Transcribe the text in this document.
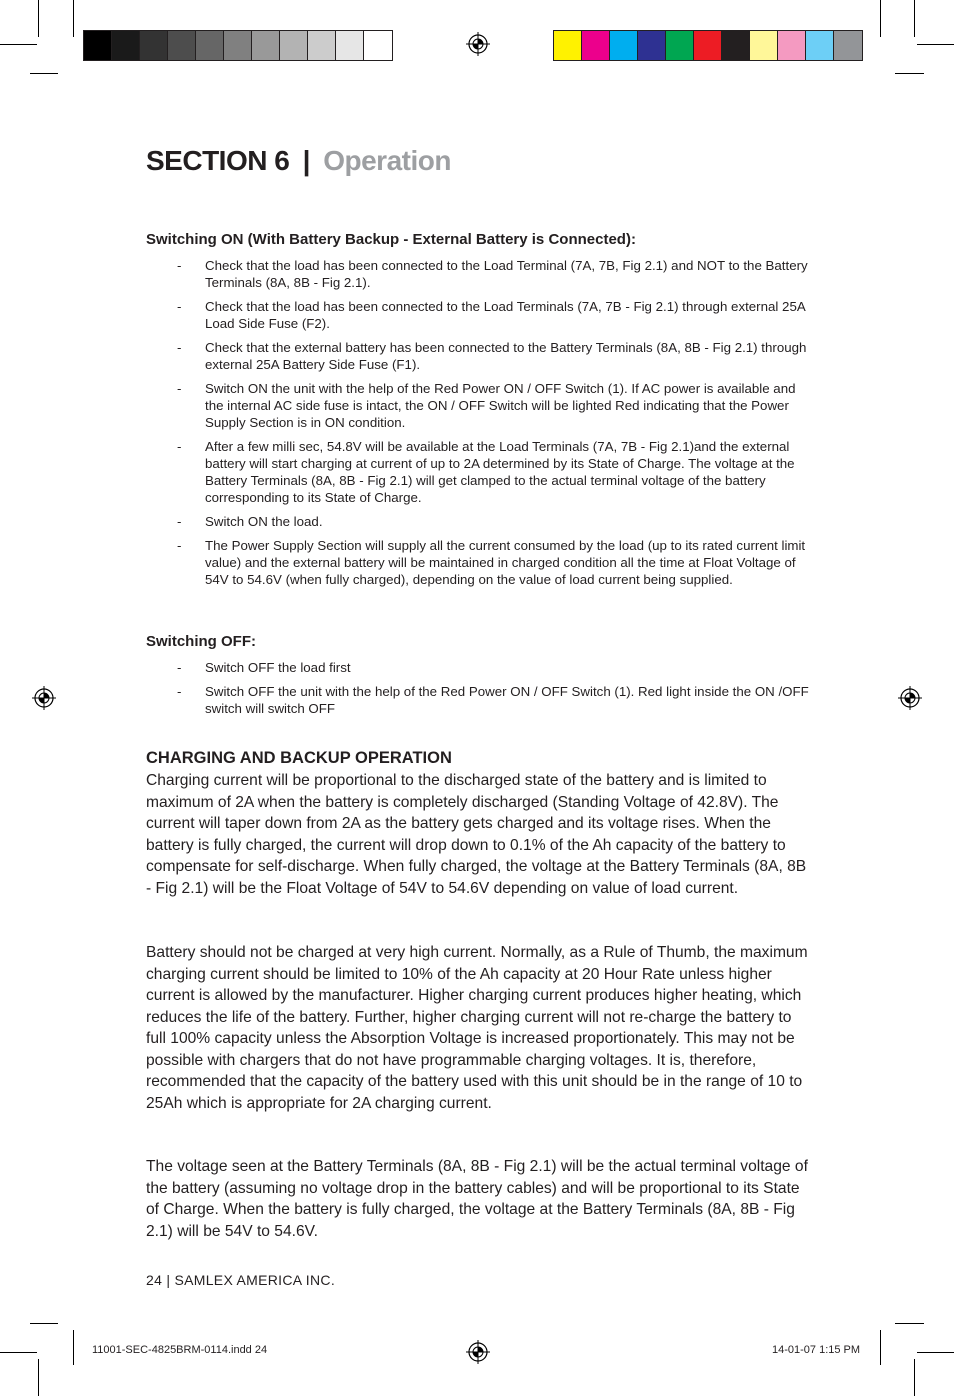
SECTION 6 | Operation
Switching ON (With Battery Backup - External Battery is Connected):
- Check that the load has been connected to the Load Terminal (7A, 7B, Fig 2.1) and NOT to the Battery Terminals (8A, 8B - Fig 2.1).
- Check that the load has been connected to the Load Terminals (7A, 7B - Fig 2.1) through external 25A Load Side Fuse (F2).
- Check that the external battery has been connected to the Battery Terminals (8A, 8B - Fig 2.1) through external 25A Battery Side Fuse (F1).
- Switch ON the unit with the help of the Red Power ON / OFF Switch (1). If AC power is available and the internal AC side fuse is intact, the ON / OFF Switch will be lighted Red indicating that the Power Supply Section is in ON condition.
- After a few milli sec, 54.8V will be available at the Load Terminals (7A, 7B - Fig 2.1)and the external battery will start charging at current of up to 2A determined by its State of Charge. The voltage at the Battery Terminals (8A, 8B - Fig 2.1) will get clamped to the actual terminal voltage of the battery corresponding to its State of Charge.
- Switch ON the load.
- The Power Supply Section will supply all the current consumed by the load (up to its rated current limit value) and the external battery will be maintained in charged condition all the time at Float Voltage of 54V to 54.6V (when fully charged), depending on the value of load current being supplied.
Switching OFF:
- Switch OFF the load first
- Switch OFF the unit with the help of the Red Power ON / OFF Switch (1). Red light inside the ON /OFF switch will switch OFF
CHARGING AND BACKUP OPERATION

Charging current will be proportional to the discharged state of the battery and is limited to maximum of 2A when the battery is completely discharged (Standing Voltage of 42.8V). The current will taper down from 2A as the battery gets charged and its voltage rises. When the battery is fully charged, the current will drop down to 0.1% of the Ah capacity of the battery to compensate for self-discharge. When fully charged, the voltage at the Battery Terminals (8A, 8B - Fig 2.1) will be the Float Voltage of 54V to 54.6V depending on value of load current.

Battery should not be charged at very high current. Normally, as a Rule of Thumb, the maximum charging current should be limited to 10% of the Ah capacity at 20 Hour Rate unless higher current is allowed by the manufacturer. Higher charging current produces higher heating, which reduces the life of the battery. Further, higher charging current will not re-charge the battery to full 100% capacity unless the Absorption Voltage is increased proportionately. This may not be possible with chargers that do not have programmable charging voltages. It is, therefore, recommended that the capacity of the battery used with this unit should be in the range of 10 to 25Ah which is appropriate for 2A charging current.

The voltage seen at the Battery Terminals (8A, 8B - Fig 2.1) will be the actual terminal voltage of the battery (assuming no voltage drop in the battery cables) and will be proportional to its State of Charge. When the battery is fully charged, the voltage at the Battery Terminals (8A, 8B - Fig 2.1) will be 54V to 54.6V.

24 | SAMLEX AMERICA INC.
11001-SEC-4825BRM-0114.indd 24	14-01-07 1:15 PM
